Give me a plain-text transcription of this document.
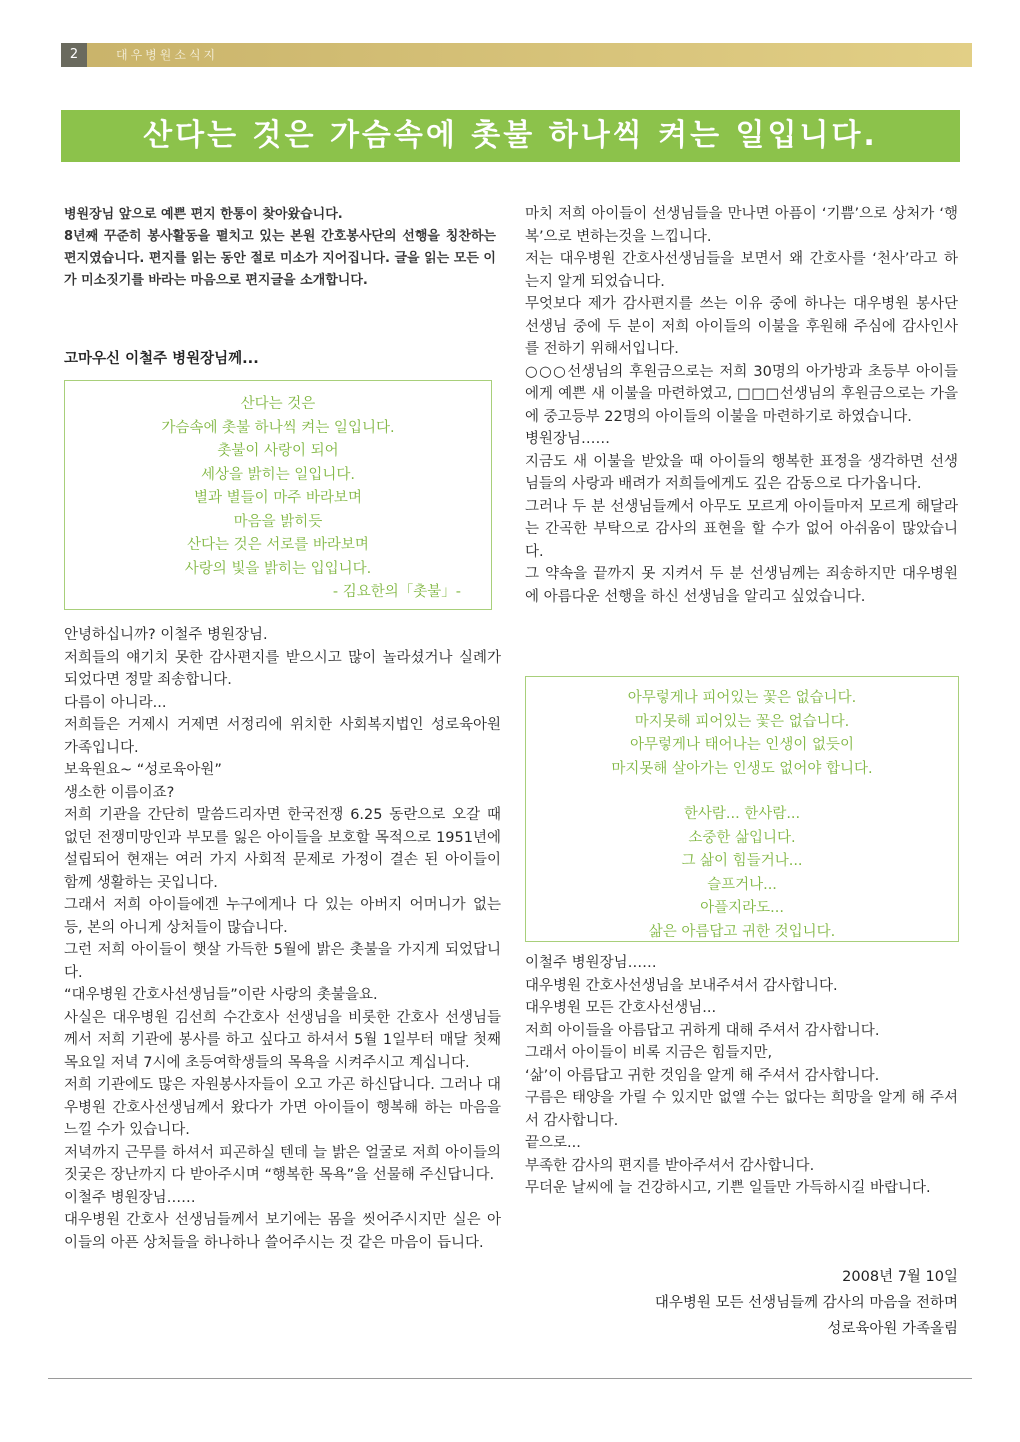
2	대우병원소식지
산다는 것은 가슴속에 촛불 하나씩 켜는 일입니다.

병원장님 앞으로 예쁜 편지 한통이 찾아왔습니다.

8년째 꾸준히 봉사활동을 펼치고 있는 본원 간호봉사단의 선행을 칭찬하는 편지였습니다. 편지를 읽는 동안 절로 미소가 지어집니다. 글을 읽는 모든 이가 미소짓기를 바라는 마음으로 편지글을 소개합니다.

고마우신 이철주 병원장님께...
산다는 것은
가슴속에 촛불 하나씩 켜는 일입니다.
촛불이 사랑이 되어
세상을 밝히는 일입니다.
별과 별들이 마주 바라보며
마음을 밝히듯
산다는 것은 서로를 바라보며
사랑의 빛을 밝히는 입입니다.
- 김요한의「촛불」-

안녕하십니까? 이철주 병원장님.

저희들의 얘기치 못한 감사편지를 받으시고 많이 놀라셨거나 실례가 되었다면 정말 죄송합니다.

다름이 아니라...

저희들은 거제시 거제면 서정리에 위치한 사회복지법인 성로육아원 가족입니다.

보육원요~ “성로육아원”

생소한 이름이죠?

저희 기관을 간단히 말씀드리자면 한국전쟁 6.25 동란으로 오갈 때 없던 전쟁미망인과 부모를 잃은 아이들을 보호할 목적으로 1951년에 설립되어 현재는 여러 가지 사회적 문제로 가정이 결손 된 아이들이 함께 생활하는 곳입니다.

그래서 저희 아이들에겐 누구에게나 다 있는 아버지 어머니가 없는 등, 본의 아니게 상처들이 많습니다.

그런 저희 아이들이 햇살 가득한 5월에 밝은 촛불을 가지게 되었답니다.

“대우병원 간호사선생님들”이란 사랑의 촛불을요.

사실은 대우병원 김선희 수간호사 선생님을 비롯한 간호사 선생님들께서 저희 기관에 봉사를 하고 싶다고 하셔서 5월 1일부터 매달 첫째 목요일 저녁 7시에 초등여학생들의 목욕을 시켜주시고 계십니다.

저희 기관에도 많은 자원봉사자들이 오고 가곤 하신답니다. 그러나 대우병원 간호사선생님께서 왔다가 가면 아이들이 행복해 하는 마음을 느낄 수가 있습니다.

저녁까지 근무를 하셔서 피곤하실 텐데 늘 밝은 얼굴로 저희 아이들의 짓궂은 장난까지 다 받아주시며 “행복한 목욕”을 선물해 주신답니다.

이철주 병원장님……

대우병원 간호사 선생님들께서 보기에는 몸을 씻어주시지만 실은 아이들의 아픈 상처들을 하나하나 쓸어주시는 것 같은 마음이 듭니다.

마치 저희 아이들이 선생님들을 만나면 아픔이 ‘기쁨’으로 상처가 ‘행복’으로 변하는것을 느낍니다.

저는 대우병원 간호사선생님들을 보면서 왜 간호사를 ‘천사’라고 하는지 알게 되었습니다.

무엇보다 제가 감사편지를 쓰는 이유 중에 하나는 대우병원 봉사단 선생님 중에 두 분이 저희 아이들의 이불을 후원해 주심에 감사인사를 전하기 위해서입니다.

○○○선생님의 후원금으로는 저희 30명의 아가방과 초등부 아이들에게 예쁜 새 이불을 마련하였고, □□□선생님의 후원금으로는 가을에 중고등부 22명의 아이들의 이불을 마련하기로 하였습니다.

병원장님……

지금도 새 이불을 받았을 때 아이들의 행복한 표정을 생각하면 선생님들의 사랑과 배려가 저희들에게도 깊은 감동으로 다가옵니다.

그러나 두 분 선생님들께서 아무도 모르게 아이들마저 모르게 해달라는 간곡한 부탁으로 감사의 표현을 할 수가 없어 아쉬움이 많았습니다.

그 약속을 끝까지 못 지켜서 두 분 선생님께는 죄송하지만 대우병원에 아름다운 선행을 하신 선생님을 알리고 싶었습니다.

아무렇게나 피어있는 꽃은 없습니다.
마지못해 피어있는 꽃은 없습니다.
아무렇게나 태어나는 인생이 없듯이
마지못해 살아가는 인생도 없어야 합니다.
한사람... 한사람...
소중한 삶입니다.
그 삶이 힘들거나...
슬프거나...
아플지라도...
삶은 아름답고 귀한 것입니다.

이철주 병원장님……

대우병원 간호사선생님을 보내주셔서 감사합니다.

대우병원 모든 간호사선생님...

저희 아이들을 아름답고 귀하게 대해 주셔서 감사합니다.

그래서 아이들이 비록 지금은 힘들지만,

‘삶’이 아름답고 귀한 것임을 알게 해 주셔서 감사합니다.

구름은 태양을 가릴 수 있지만 없앨 수는 없다는 희망을 알게 해 주셔서 감사합니다.

끝으로...

부족한 감사의 편지를 받아주셔서 감사합니다.

무더운 날씨에 늘 건강하시고, 기쁜 일들만 가득하시길 바랍니다.

2008년 7월 10일
대우병원 모든 선생님들께 감사의 마음을 전하며
성로육아원 가족올림
